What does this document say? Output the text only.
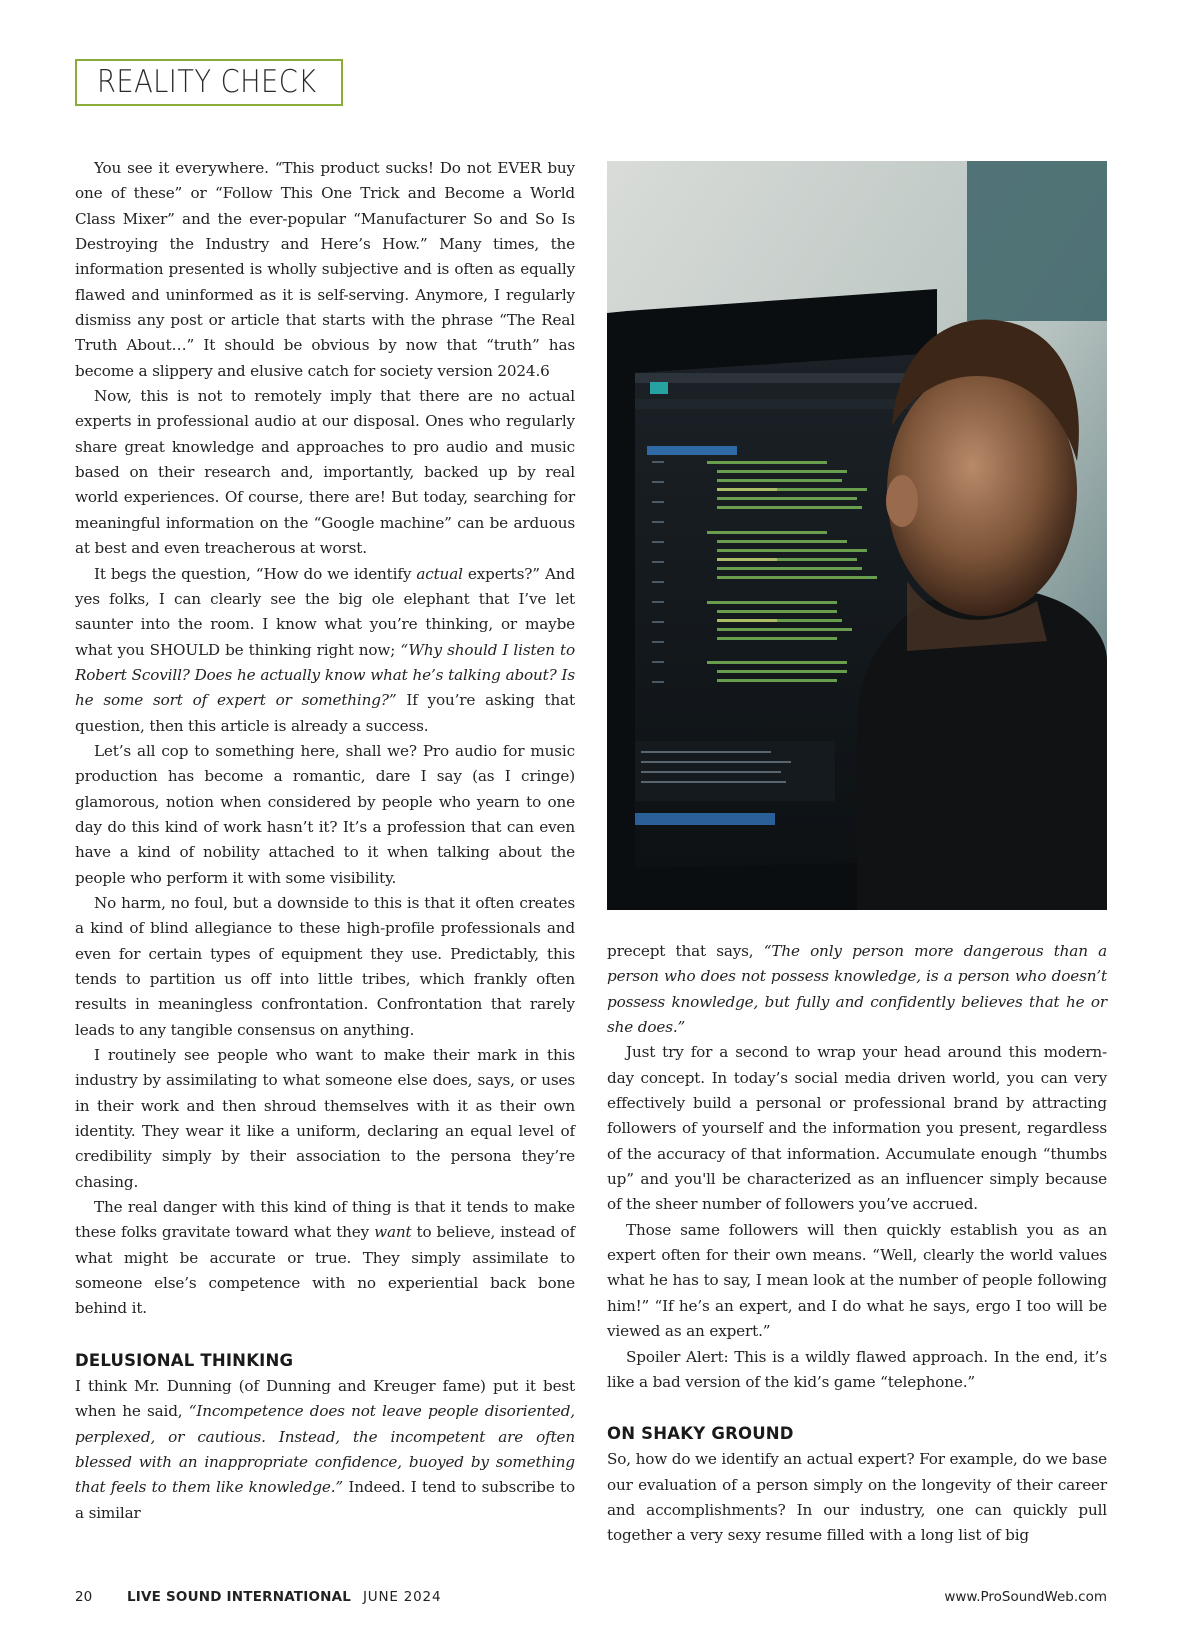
REALITY CHECK

You see it everywhere. “This product sucks! Do not EVER buy one of these” or “Follow This One Trick and Become a World Class Mixer” and the ever-popular “Manufacturer So and So Is Destroying the Industry and Here’s How.” Many times, the information presented is wholly subjective and is often as equally flawed and uninformed as it is self-serving. Anymore, I regularly dismiss any post or article that starts with the phrase “The Real Truth About…” It should be obvious by now that “truth” has become a slippery and elusive catch for society version 2024.6

Now, this is not to remotely imply that there are no actual experts in professional audio at our disposal. Ones who regularly share great knowledge and approaches to pro audio and music based on their research and, importantly, backed up by real world experiences. Of course, there are! But today, searching for meaningful information on the “Google machine” can be arduous at best and even treacherous at worst.

It begs the question, “How do we identify actual experts?” And yes folks, I can clearly see the big ole elephant that I’ve let saunter into the room. I know what you’re thinking, or maybe what you SHOULD be thinking right now; “Why should I listen to Robert Scovill? Does he actually know what he’s talking about? Is he some sort of expert or something?” If you’re asking that question, then this article is already a success.

Let’s all cop to something here, shall we? Pro audio for music production has become a romantic, dare I say (as I cringe) glamorous, notion when considered by people who yearn to one day do this kind of work hasn’t it? It’s a profession that can even have a kind of nobility attached to it when talking about the people who perform it with some visibility.

No harm, no foul, but a downside to this is that it often creates a kind of blind allegiance to these high-profile professionals and even for certain types of equipment they use. Predictably, this tends to partition us off into little tribes, which frankly often results in meaningless confrontation. Confrontation that rarely leads to any tangible consensus on anything.

I routinely see people who want to make their mark in this industry by assimilating to what someone else does, says, or uses in their work and then shroud themselves with it as their own identity. They wear it like a uniform, declaring an equal level of credibility simply by their association to the persona they’re chasing.

The real danger with this kind of thing is that it tends to make these folks gravitate toward what they want to believe, instead of what might be accurate or true. They simply assimilate to someone else’s competence with no experiential back bone behind it.

DELUSIONAL THINKING

I think Mr. Dunning (of Dunning and Kreuger fame) put it best when he said, “Incompetence does not leave people disoriented, perplexed, or cautious. Instead, the incompetent are often blessed with an inappropriate confidence, buoyed by something that feels to them like knowledge.” Indeed. I tend to subscribe to a similar

precept that says, “The only person more dangerous than a person who does not possess knowledge, is a person who doesn’t possess knowledge, but fully and confidently believes that he or she does.”

Just try for a second to wrap your head around this modern-day concept. In today’s social media driven world, you can very effectively build a personal or professional brand by attracting followers of yourself and the information you present, regardless of the accuracy of that information. Accumulate enough “thumbs up” and you'll be characterized as an influencer simply because of the sheer number of followers you’ve accrued.

Those same followers will then quickly establish you as an expert often for their own means. “Well, clearly the world values what he has to say, I mean look at the number of people following him!” “If he’s an expert, and I do what he says, ergo I too will be viewed as an expert.”

Spoiler Alert: This is a wildly flawed approach. In the end, it’s like a bad version of the kid’s game “telephone.”

ON SHAKY GROUND

So, how do we identify an actual expert? For example, do we base our evaluation of a person simply on the longevity of their career and accomplishments? In our industry, one can quickly pull together a very sexy resume filled with a long list of big

20	LIVE SOUND INTERNATIONAL JUNE 2024	www.ProSoundWeb.com
